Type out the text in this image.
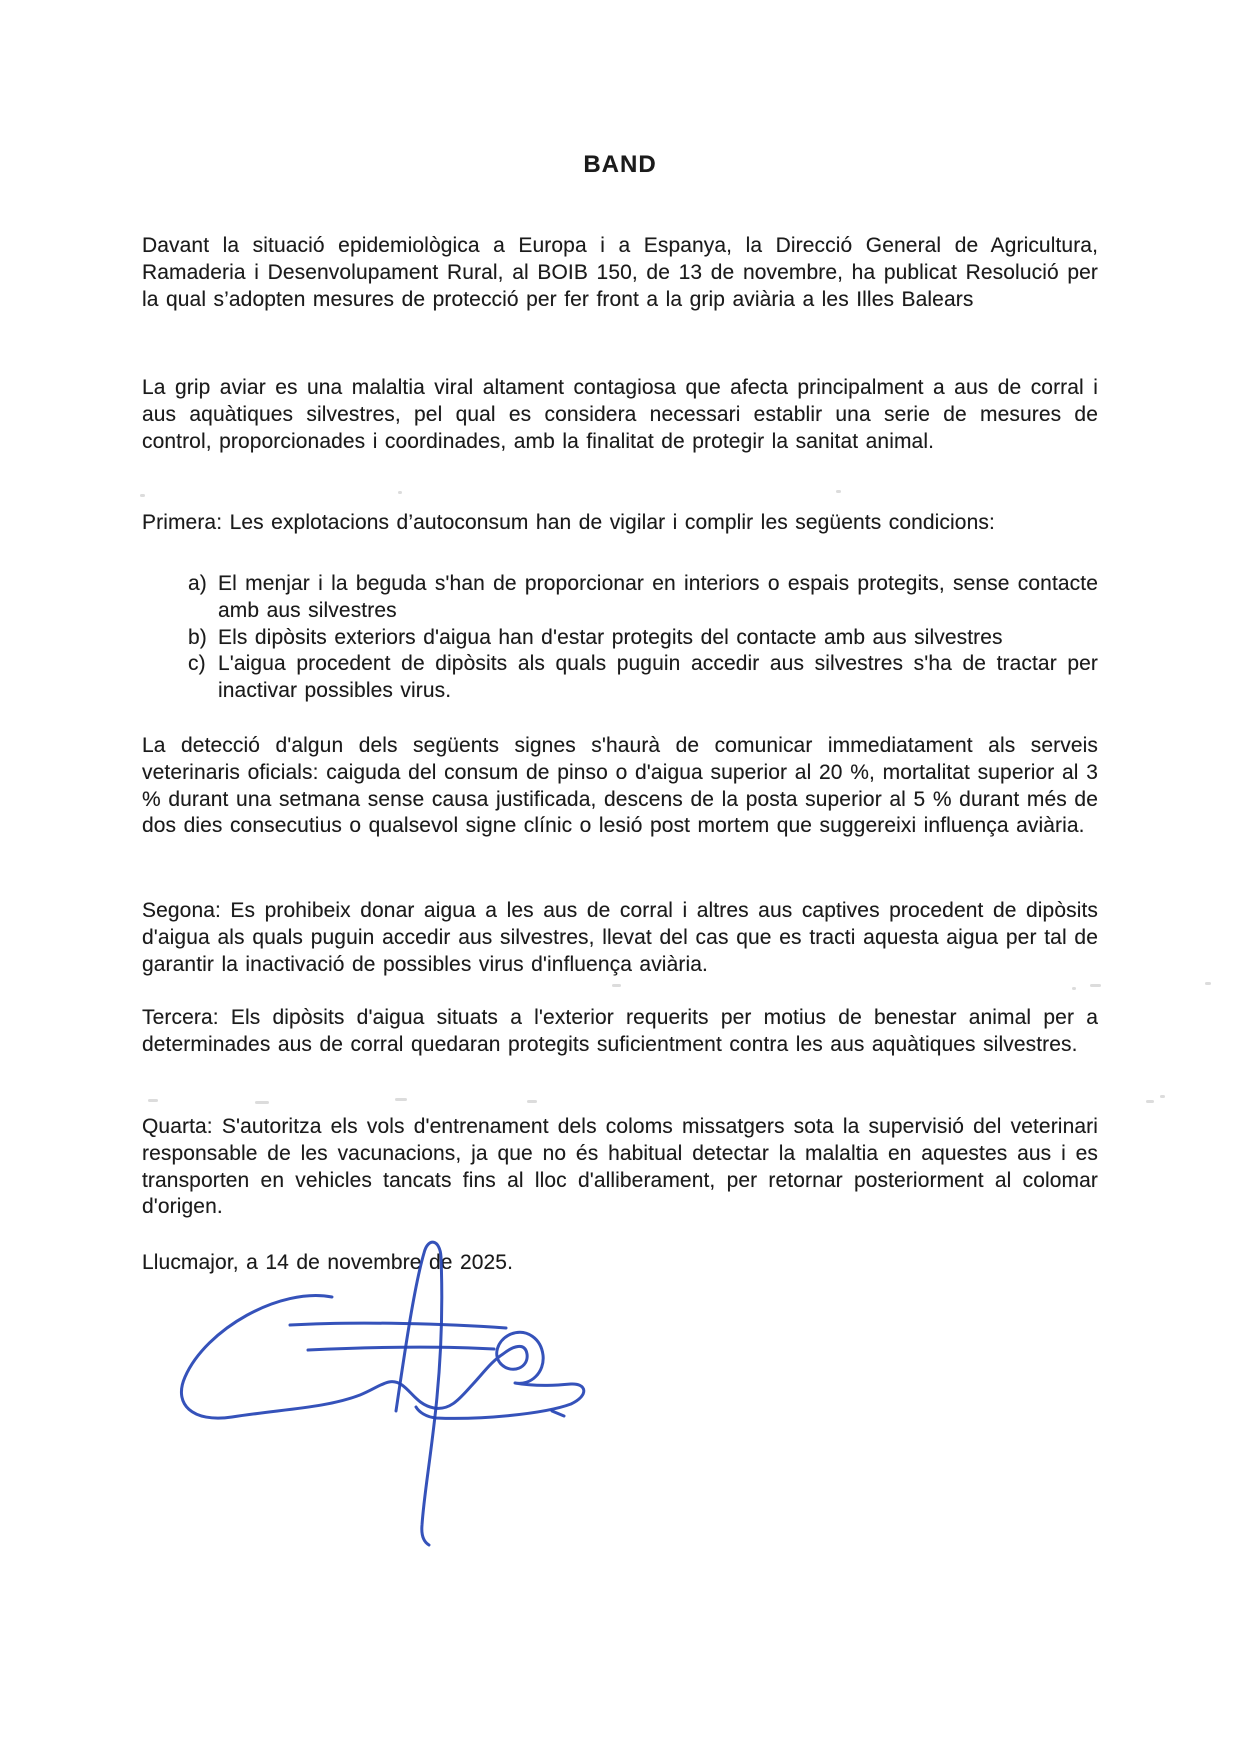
BAND
Davant la situació epidemiològica a Europa i a Espanya, la Direcció General de Agricultura, Ramaderia i Desenvolupament Rural, al BOIB 150, de 13 de novembre, ha publicat Resolució per la qual s’adopten mesures de protecció per fer front a la grip aviària a les Illes Balears
La grip aviar es una malaltia viral altament contagiosa que afecta principalment a aus de corral i aus aquàtiques silvestres, pel qual es considera necessari establir una serie de mesures de control, proporcionades i coordinades, amb la finalitat de protegir la sanitat animal.
Primera: Les explotacions d’autoconsum han de vigilar i complir les següents condicions:
a) El menjar i la beguda s'han de proporcionar en interiors o espais protegits, sense contacte amb aus silvestres
b) Els dipòsits exteriors d'aigua han d'estar protegits del contacte amb aus silvestres
c) L'aigua procedent de dipòsits als quals puguin accedir aus silvestres s'ha de tractar per inactivar possibles virus.
La detecció d'algun dels següents signes s'haurà de comunicar immediatament als serveis veterinaris oficials: caiguda del consum de pinso o d'aigua superior al 20 %, mortalitat superior al 3 % durant una setmana sense causa justificada, descens de la posta superior al 5 % durant més de dos dies consecutius o qualsevol signe clínic o lesió post mortem que suggereixi influença aviària.
Segona: Es prohibeix donar aigua a les aus de corral i altres aus captives procedent de dipòsits d'aigua als quals puguin accedir aus silvestres, llevat del cas que es tracti aquesta aigua per tal de garantir la inactivació de possibles virus d'influença aviària.
Tercera: Els dipòsits d'aigua situats a l'exterior requerits per motius de benestar animal per a determinades aus de corral quedaran protegits suficientment contra les aus aquàtiques silvestres.
Quarta: S'autoritza els vols d'entrenament dels coloms missatgers sota la supervisió del veterinari responsable de les vacunacions, ja que no és habitual detectar la malaltia en aquestes aus i es transporten en vehicles tancats fins al lloc d'alliberament, per retornar posteriorment al colomar d'origen.
Llucmajor, a 14 de novembre de 2025.
